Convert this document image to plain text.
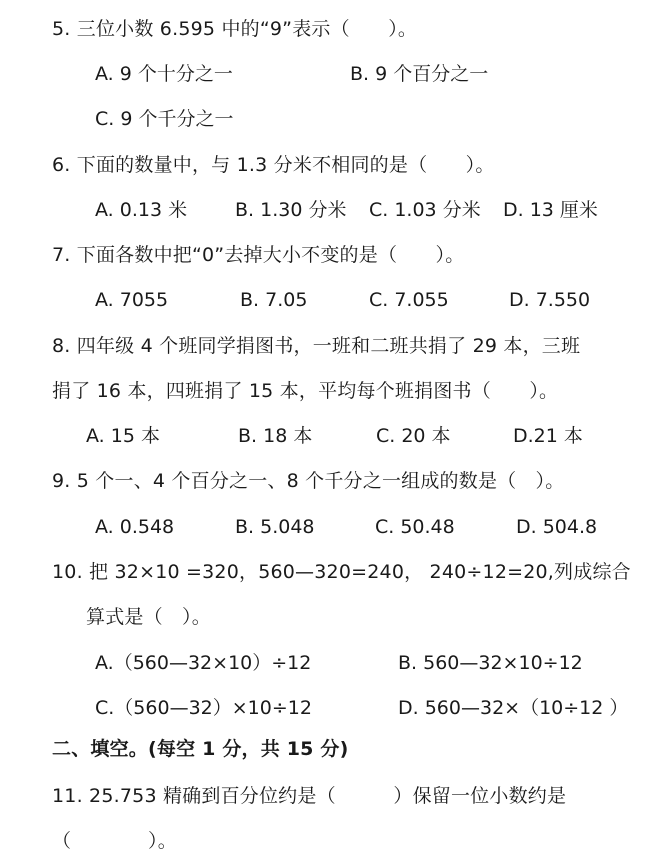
5. 三位小数 6.595 中的“9”表示（　　）。
A. 9 个十分之一	B. 9 个百分之一
C. 9 个千分之一
6. 下面的数量中，与 1.3 分米不相同的是（　　）。
A. 0.13 米	B. 1.30 分米 C. 1.03 分米 D. 13 厘米
7. 下面各数中把“0”去掉大小不变的是（　　）。
A. 7055	B. 7.05	C. 7.055	D. 7.550
8. 四年级 4 个班同学捐图书，一班和二班共捐了 29 本，三班
捐了 16 本，四班捐了 15 本，平均每个班捐图书（　　）。
A. 15 本	B. 18 本	C. 20 本	D.21 本
9. 5 个一、4 个百分之一、8 个千分之一组成的数是（　）。
A. 0.548	B. 5.048	C. 50.48	D. 504.8
10. 把 32×10 =320，560—320=240， 240÷12=20,列成综合
算式是（　）。
A.（560—32×10）÷12	B. 560—32×10÷12
C.（560—32）×10÷12	D. 560—32×（10÷12 ）
二、填空。(每空 1 分，共 15 分)
11. 25.753 精确到百分位约是（　　　）保留一位小数约是
（　　　　）。
